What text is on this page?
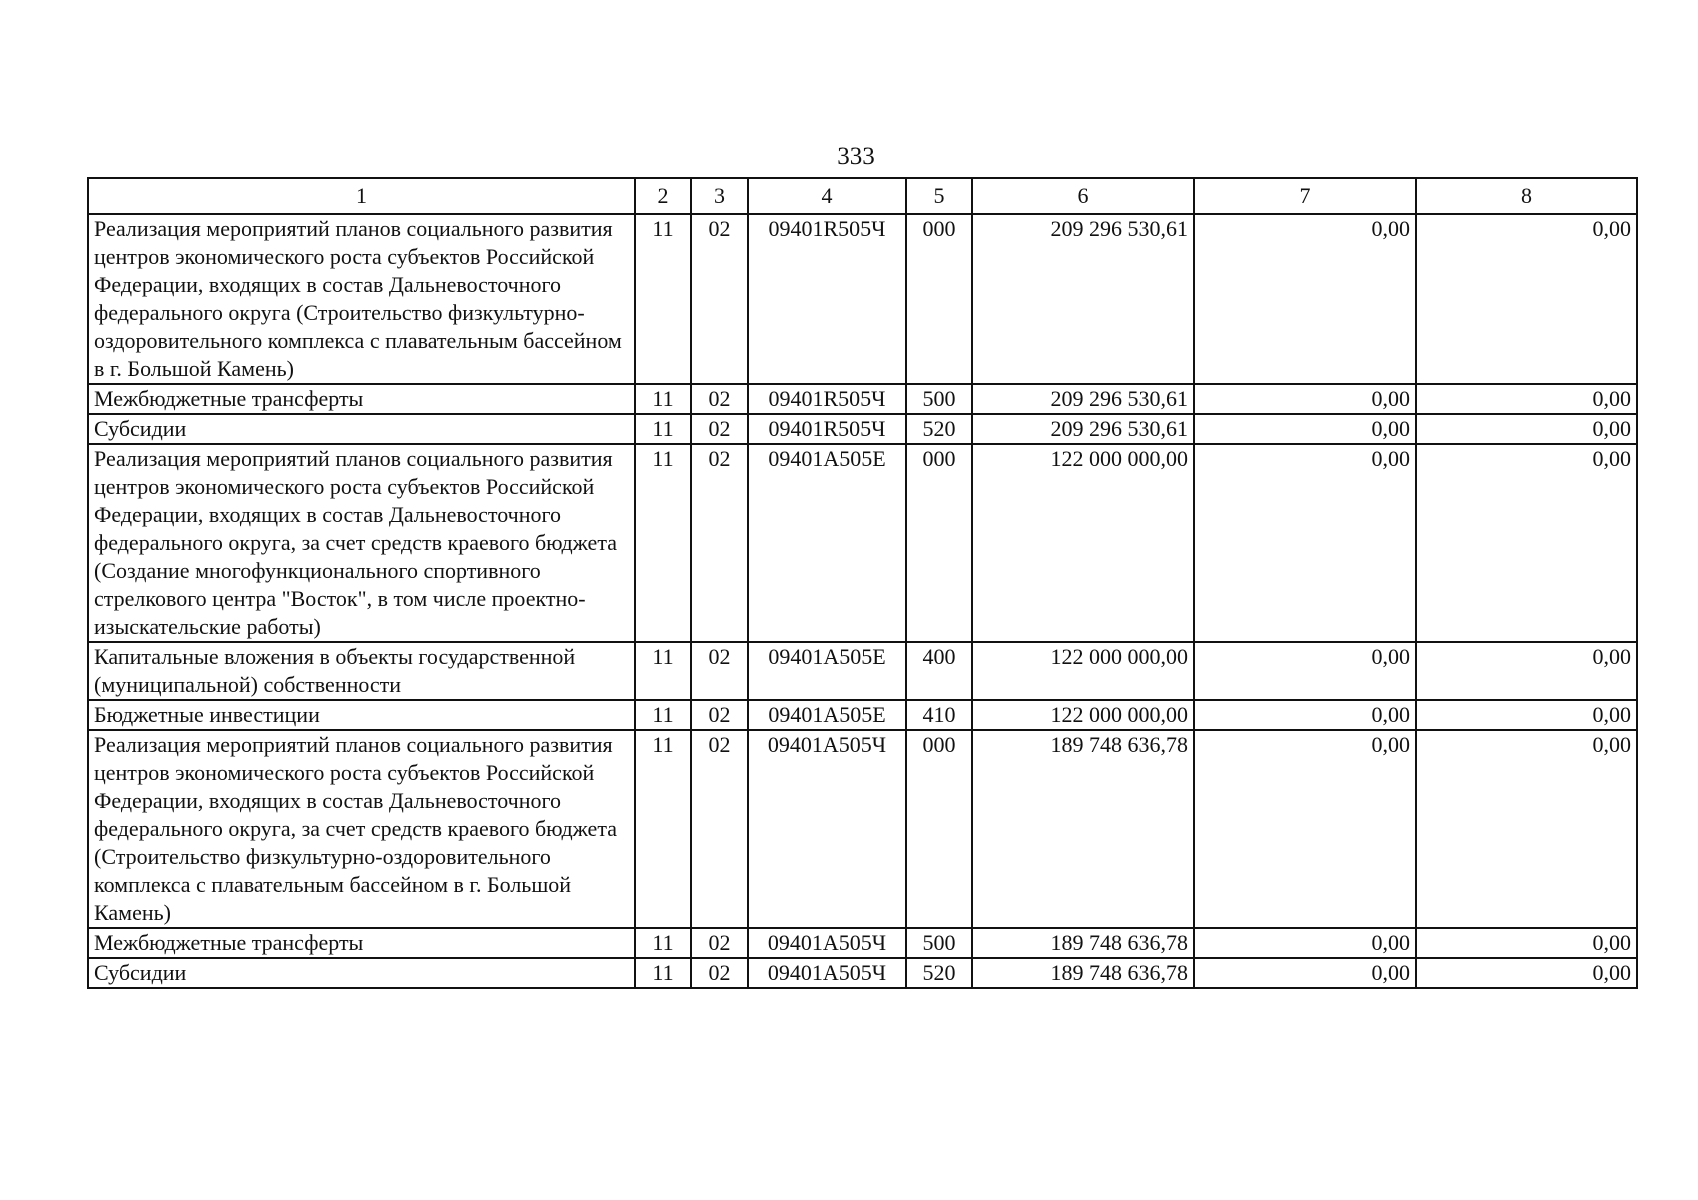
333
1	2	3	4	5	6	7	8
Реализация мероприятий планов социального развития центров экономического роста субъектов Российской Федерации, входящих в состав Дальневосточного федерального округа (Строительство физкультурно-оздоровительного комплекса с плавательным бассейном в г. Большой Камень)	11	02	09401R505Ч	000	209 296 530,61	0,00	0,00
Межбюджетные трансферты	11	02	09401R505Ч	500	209 296 530,61	0,00	0,00
Субсидии	11	02	09401R505Ч	520	209 296 530,61	0,00	0,00
Реализация мероприятий планов социального развития центров экономического роста субъектов Российской Федерации, входящих в состав Дальневосточного федерального округа, за счет средств краевого бюджета (Создание многофункционального спортивного стрелкового центра "Восток", в том числе проектно-изыскательские работы)	11	02	09401A505E	000	122 000 000,00	0,00	0,00
Капитальные вложения в объекты государственной (муниципальной) собственности	11	02	09401A505E	400	122 000 000,00	0,00	0,00
Бюджетные инвестиции	11	02	09401A505E	410	122 000 000,00	0,00	0,00
Реализация мероприятий планов социального развития центров экономического роста субъектов Российской Федерации, входящих в состав Дальневосточного федерального округа, за счет средств краевого бюджета (Строительство физкультурно-оздоровительного комплекса с плавательным бассейном в г. Большой Камень)	11	02	09401A505Ч	000	189 748 636,78	0,00	0,00
Межбюджетные трансферты	11	02	09401A505Ч	500	189 748 636,78	0,00	0,00
Субсидии	11	02	09401A505Ч	520	189 748 636,78	0,00	0,00
